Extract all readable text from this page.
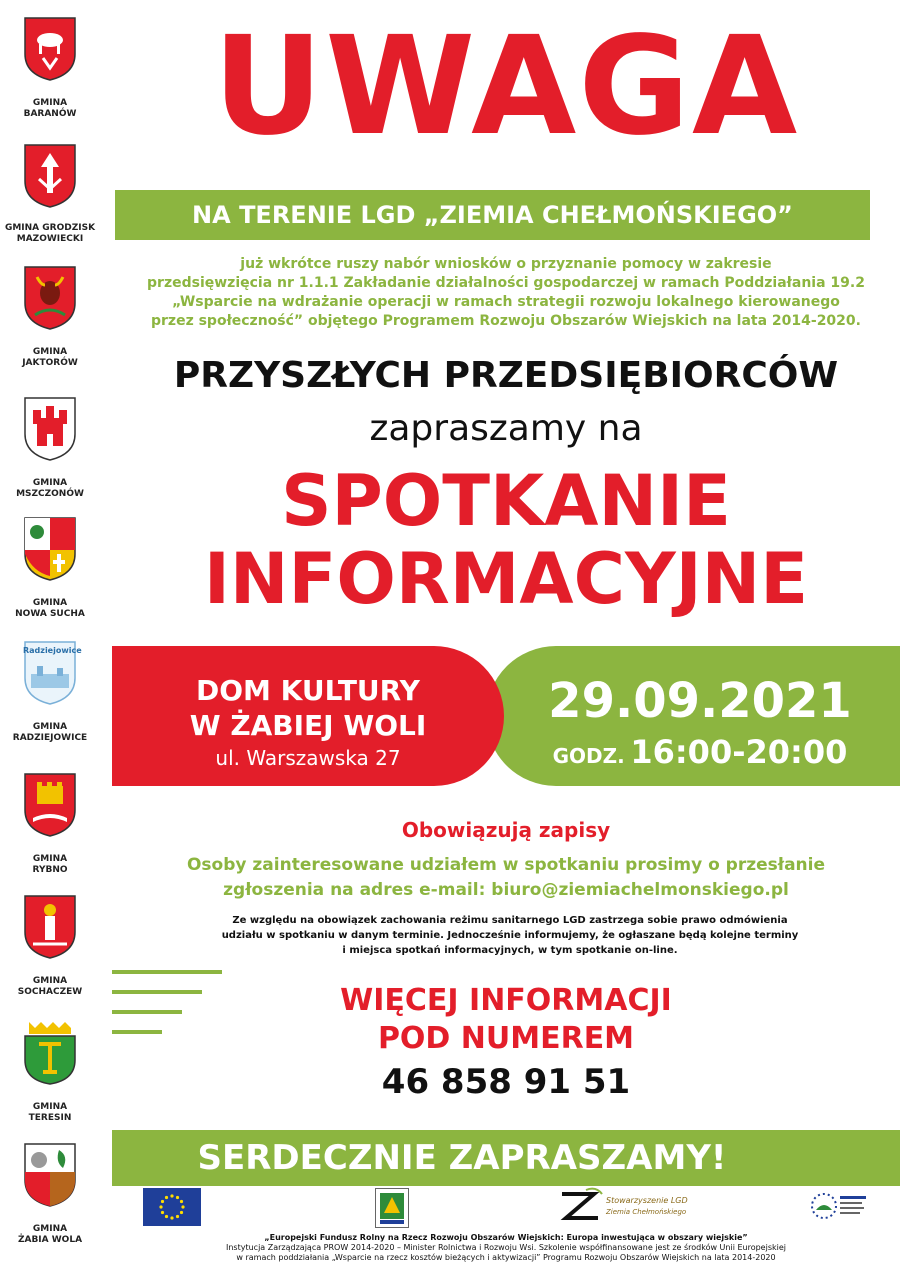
GMINA
BARANÓW
GMINA GRODZISK
MAZOWIECKI
GMINA
JAKTORÓW
GMINA
MSZCZONÓW
GMINA
NOWA SUCHA
Radziejowice
GMINA
RADZIEJOWICE
GMINA
RYBNO
GMINA
SOCHACZEW
GMINA
TERESIN
GMINA
ŻABIA WOLA
UWAGA
NA TERENIE LGD „ZIEMIA CHEŁMOŃSKIEGO”
już wkrótce ruszy nabór wniosków o przyznanie pomocy w zakresie
przedsięwzięcia nr 1.1.1 Zakładanie działalności gospodarczej w ramach Poddziałania 19.2
„Wsparcie na wdrażanie operacji w ramach strategii rozwoju lokalnego kierowanego
przez społeczność” objętego Programem Rozwoju Obszarów Wiejskich na lata 2014-2020.
PRZYSZŁYCH PRZEDSIĘBIORCÓW
zapraszamy na
SPOTKANIE
INFORMACYJNE
DOM KULTURY
W ŻABIEJ WOLI
ul. Warszawska 27
29.09.2021
GODZ. 16:00-20:00
Obowiązują zapisy
Osoby zainteresowane udziałem w spotkaniu prosimy o przesłanie
zgłoszenia na adres e-mail: biuro@ziemiachelmonskiego.pl
Ze względu na obowiązek zachowania reżimu sanitarnego LGD zastrzega sobie prawo odmówienia
udziału w spotkaniu w danym terminie. Jednocześnie informujemy, że ogłaszane będą kolejne terminy
i miejsca spotkań informacyjnych, w tym spotkanie on-line.
WIĘCEJ INFORMACJI
POD NUMEREM
46 858 91 51
SERDECZNIE ZAPRASZAMY!
Stowarzyszenie LGD
Ziemia Chełmońskiego
„Europejski Fundusz Rolny na Rzecz Rozwoju Obszarów Wiejskich: Europa inwestująca w obszary wiejskie”
Instytucja Zarządzająca PROW 2014-2020 – Minister Rolnictwa i Rozwoju Wsi. Szkolenie współfinansowane jest ze środków Unii Europejskiej
w ramach poddziałania „Wsparcie na rzecz kosztów bieżących i aktywizacji” Programu Rozwoju Obszarów Wiejskich na lata 2014-2020
